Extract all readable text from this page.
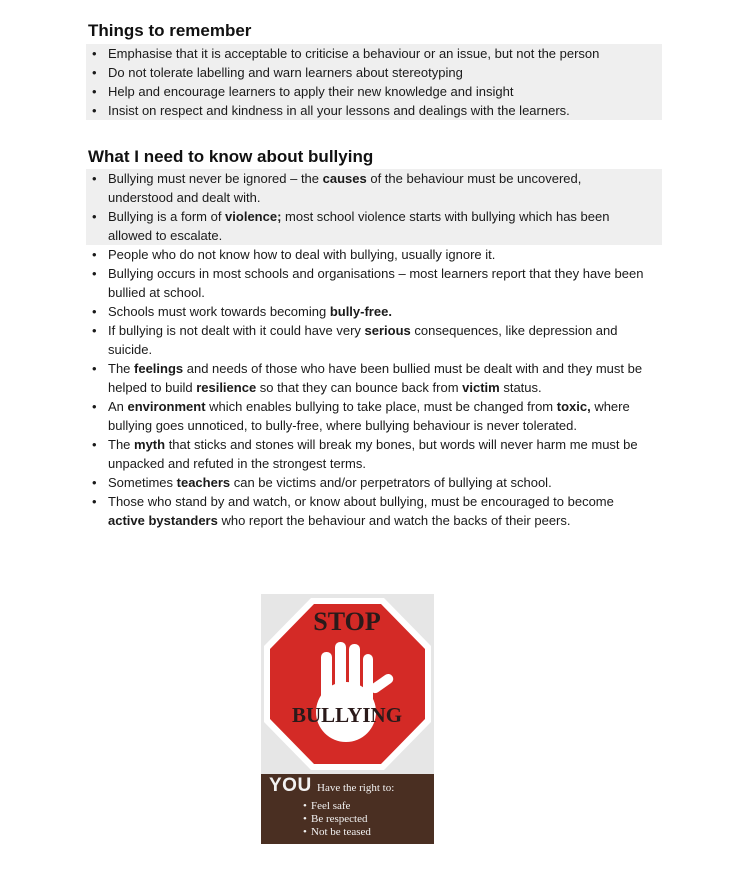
Things to remember
• Emphasise that it is acceptable to criticise a behaviour or an issue, but not the person
• Do not tolerate labelling and warn learners about stereotyping
• Help and encourage learners to apply their new knowledge and insight
• Insist on respect and kindness in all your lessons and dealings with the learners.
What I need to know about bullying
• Bullying must never be ignored – the causes of the behaviour must be uncovered, understood and dealt with.
• Bullying is a form of violence; most school violence starts with bullying which has been allowed to escalate.
• People who do not know how to deal with bullying, usually ignore it.
• Bullying occurs in most schools and organisations – most learners report that they have been bullied at school.
• Schools must work towards becoming bully-free.
• If bullying is not dealt with it could have very serious consequences, like depression and suicide.
• The feelings and needs of those who have been bullied must be dealt with and they must be helped to build resilience so that they can bounce back from victim status.
• An environment which enables bullying to take place, must be changed from toxic, where bullying goes unnoticed, to bully-free, where bullying behaviour is never tolerated.
• The myth that sticks and stones will break my bones, but words will never harm me must be unpacked and refuted in the strongest terms.
• Sometimes teachers can be victims and/or perpetrators of bullying at school.
• Those who stand by and watch, or know about bullying, must be encouraged to become active bystanders who report the behaviour and watch the backs of their peers.
STOP
BULLYING
YOU Have the right to:
• Feel safe
• Be respected
• Not be teased
